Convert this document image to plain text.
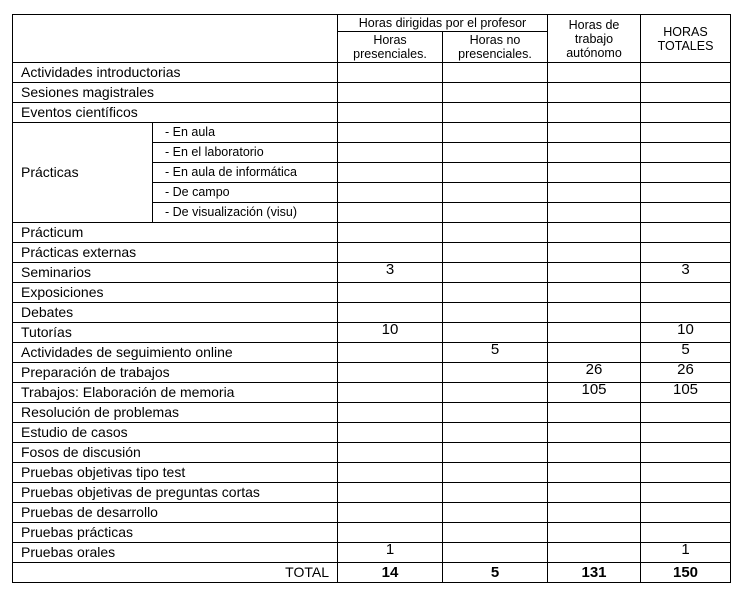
		Horas dirigidas por el profesor		Horas de trabajo autónomo	HORAS TOTALES
		Horas presenciales.	Horas no presenciales.		
Actividades introductorias					
Sesiones magistrales					
Eventos científicos					
Prácticas	- En aula				
	- En el laboratorio				
	- En aula de informática				
	- De campo				
	- De visualización (visu)				
Prácticum					
Prácticas externas					
Seminarios		3			3
Exposiciones					
Debates					
Tutorías		10			10
Actividades de seguimiento online			5		5
Preparación de trabajos				26	26
Trabajos: Elaboración de memoria				105	105
Resolución de problemas					
Estudio de casos					
Fosos de discusión					
Pruebas objetivas tipo test					
Pruebas objetivas de preguntas cortas					
Pruebas de desarrollo					
Pruebas prácticas					
Pruebas orales		1			1
TOTAL		14	5	131	150
